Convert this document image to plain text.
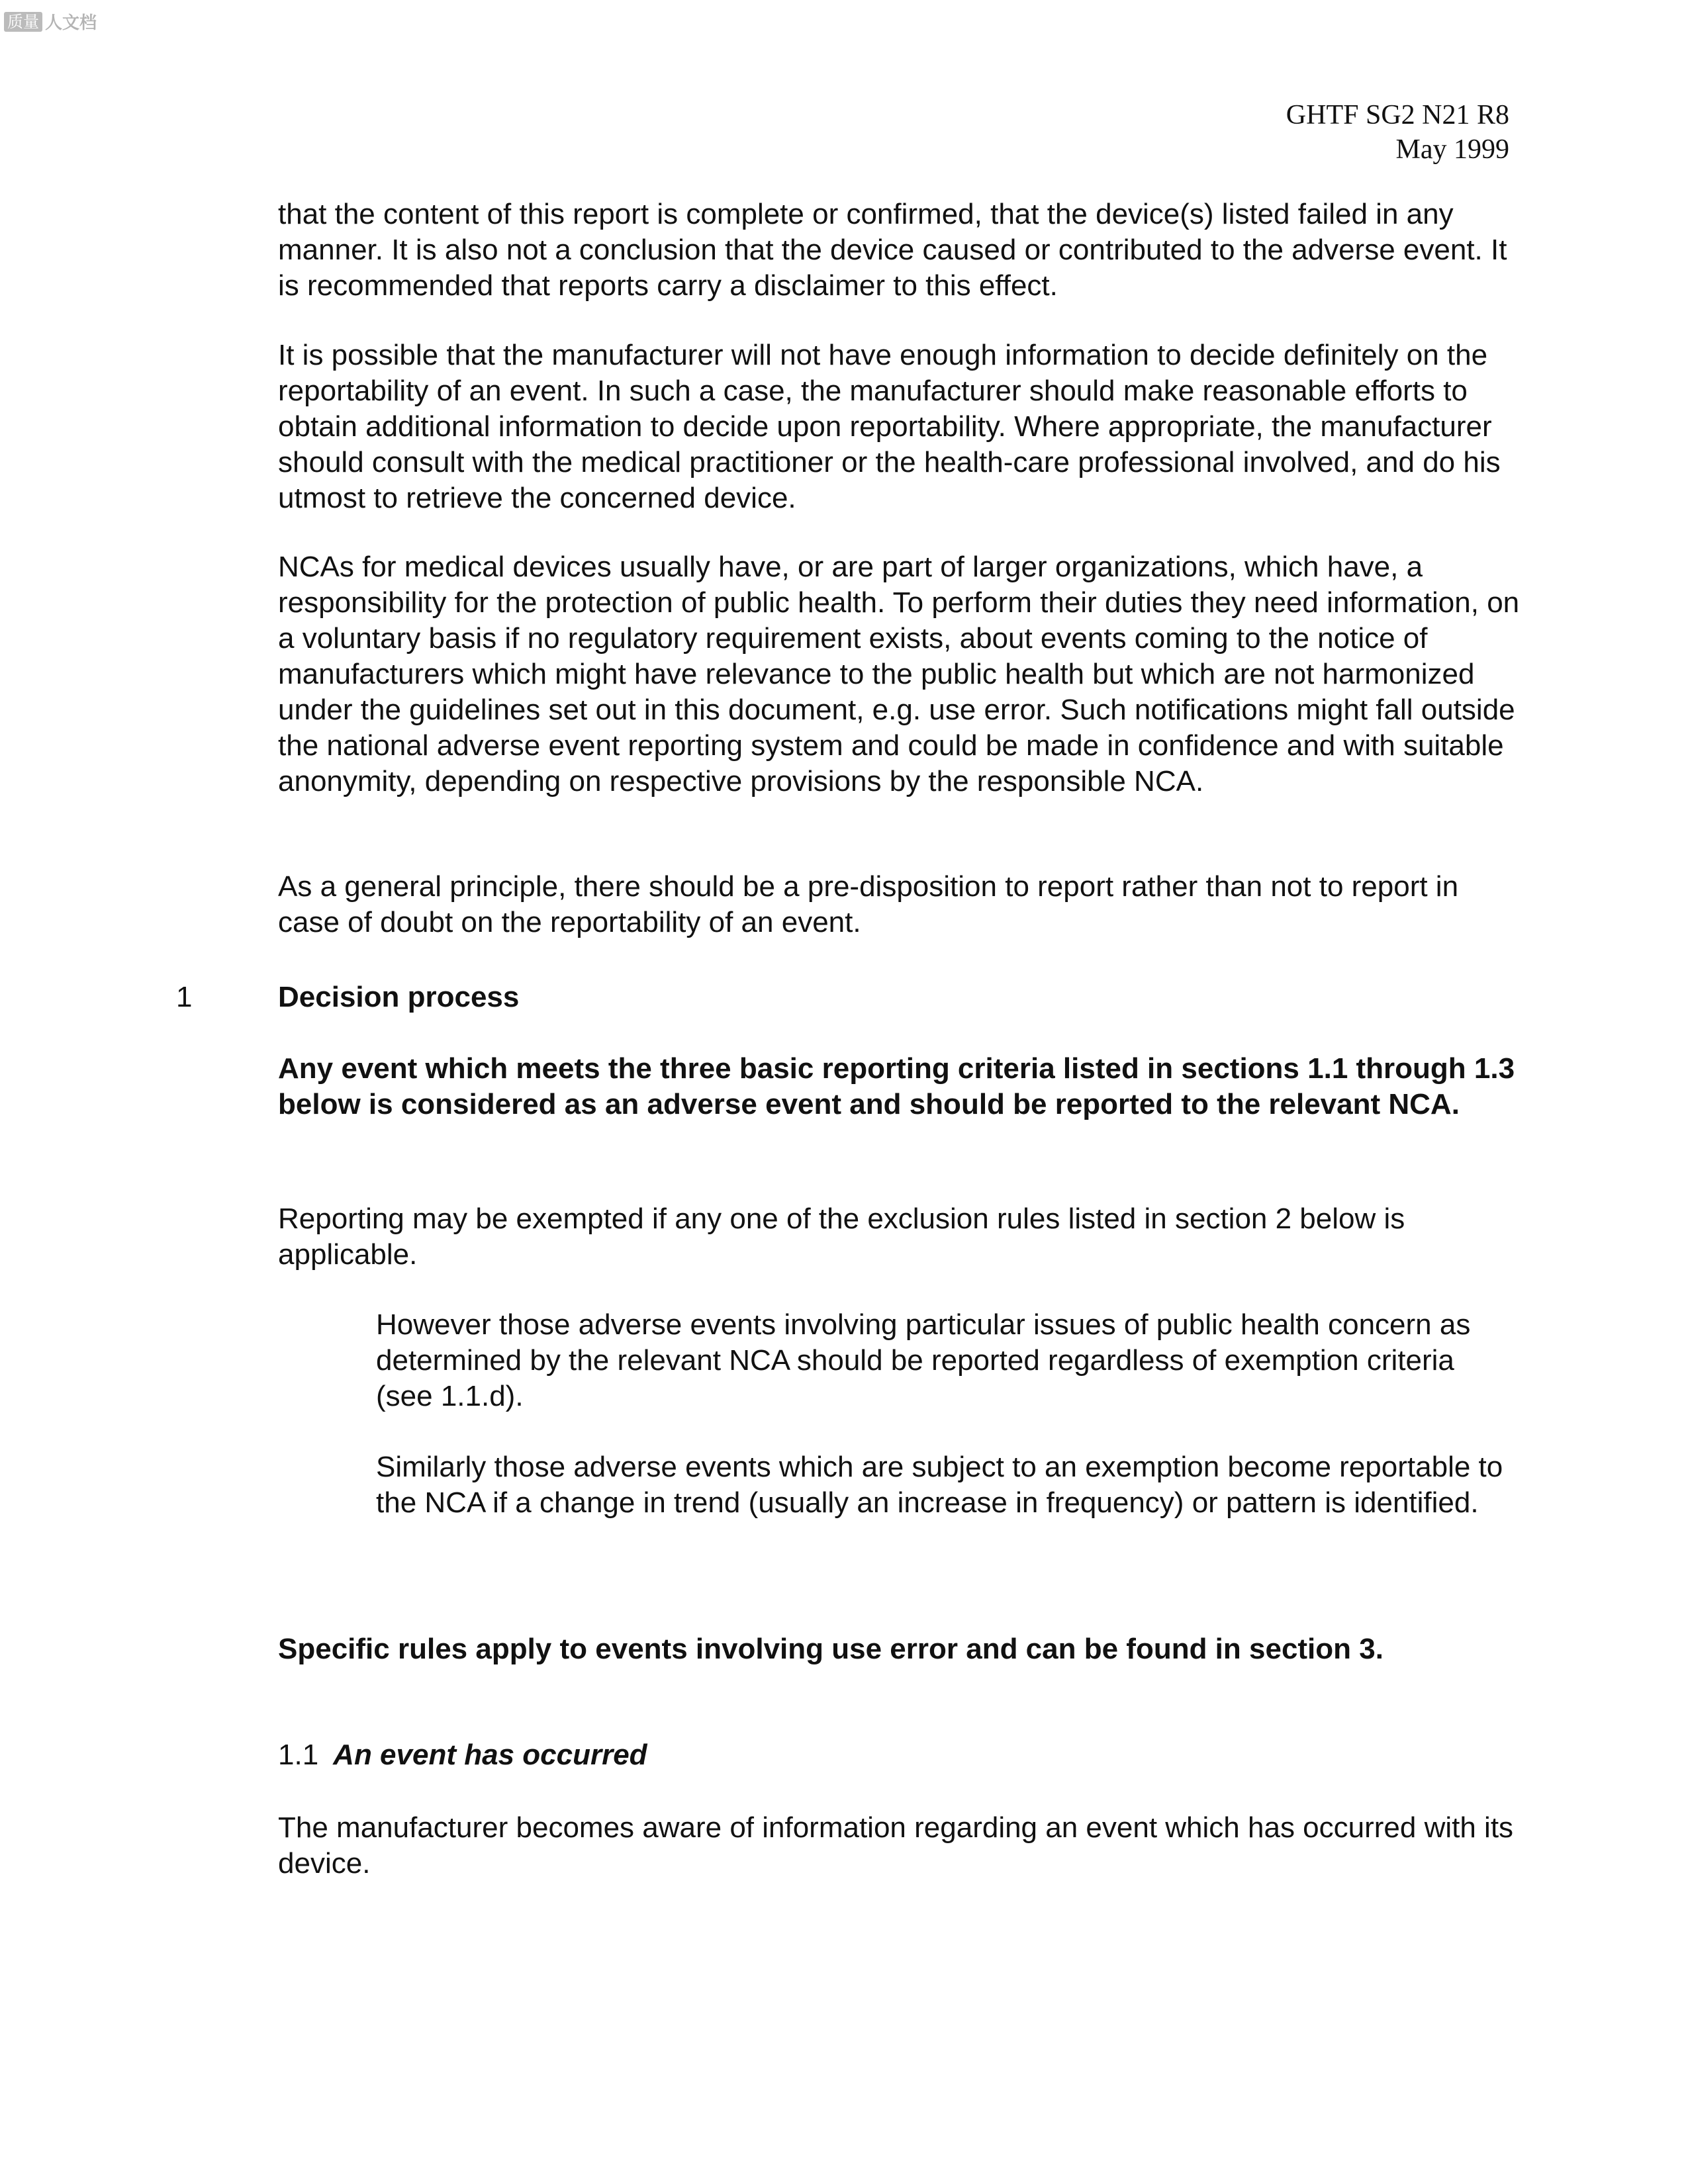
质量 人文档
GHTF SG2 N21 R8
May 1999

that the content of this report is complete or confirmed, that the device(s) listed failed in any manner. It is also not a conclusion that the device caused or contributed to the adverse event. It is recommended that reports carry a disclaimer to this effect.

It is possible that the manufacturer will not have enough information to decide definitely on the reportability of an event. In such a case, the manufacturer should make reasonable efforts to obtain additional information to decide upon reportability. Where appropriate, the manufacturer should consult with the medical practitioner or the health-care professional involved, and do his utmost to retrieve the concerned device.

NCAs for medical devices usually have, or are part of larger organizations, which have, a responsibility for the protection of public health. To perform their duties they need information, on a voluntary basis if no regulatory requirement exists, about events coming to the notice of manufacturers which might have relevance to the public health but which are not harmonized under the guidelines set out in this document, e.g. use error. Such notifications might fall outside the national adverse event reporting system and could be made in confidence and with suitable anonymity, depending on respective provisions by the responsible NCA.

As a general principle, there should be a pre-disposition to report rather than not to report in case of doubt on the reportability of an event.

1	Decision process

Any event which meets the three basic reporting criteria listed in sections 1.1 through 1.3 below is considered as an adverse event and should be reported to the relevant NCA.

Reporting may be exempted if any one of the exclusion rules listed in section 2 below is applicable.

However those adverse events involving particular issues of public health concern as determined by the relevant NCA should be reported regardless of exemption criteria (see 1.1.d).

Similarly those adverse events which are subject to an exemption become reportable to the NCA if a change in trend (usually an increase in frequency) or pattern is identified.

Specific rules apply to events involving use error and can be found in section 3.

1.1 An event has occurred

The manufacturer becomes aware of information regarding an event which has occurred with its device.
